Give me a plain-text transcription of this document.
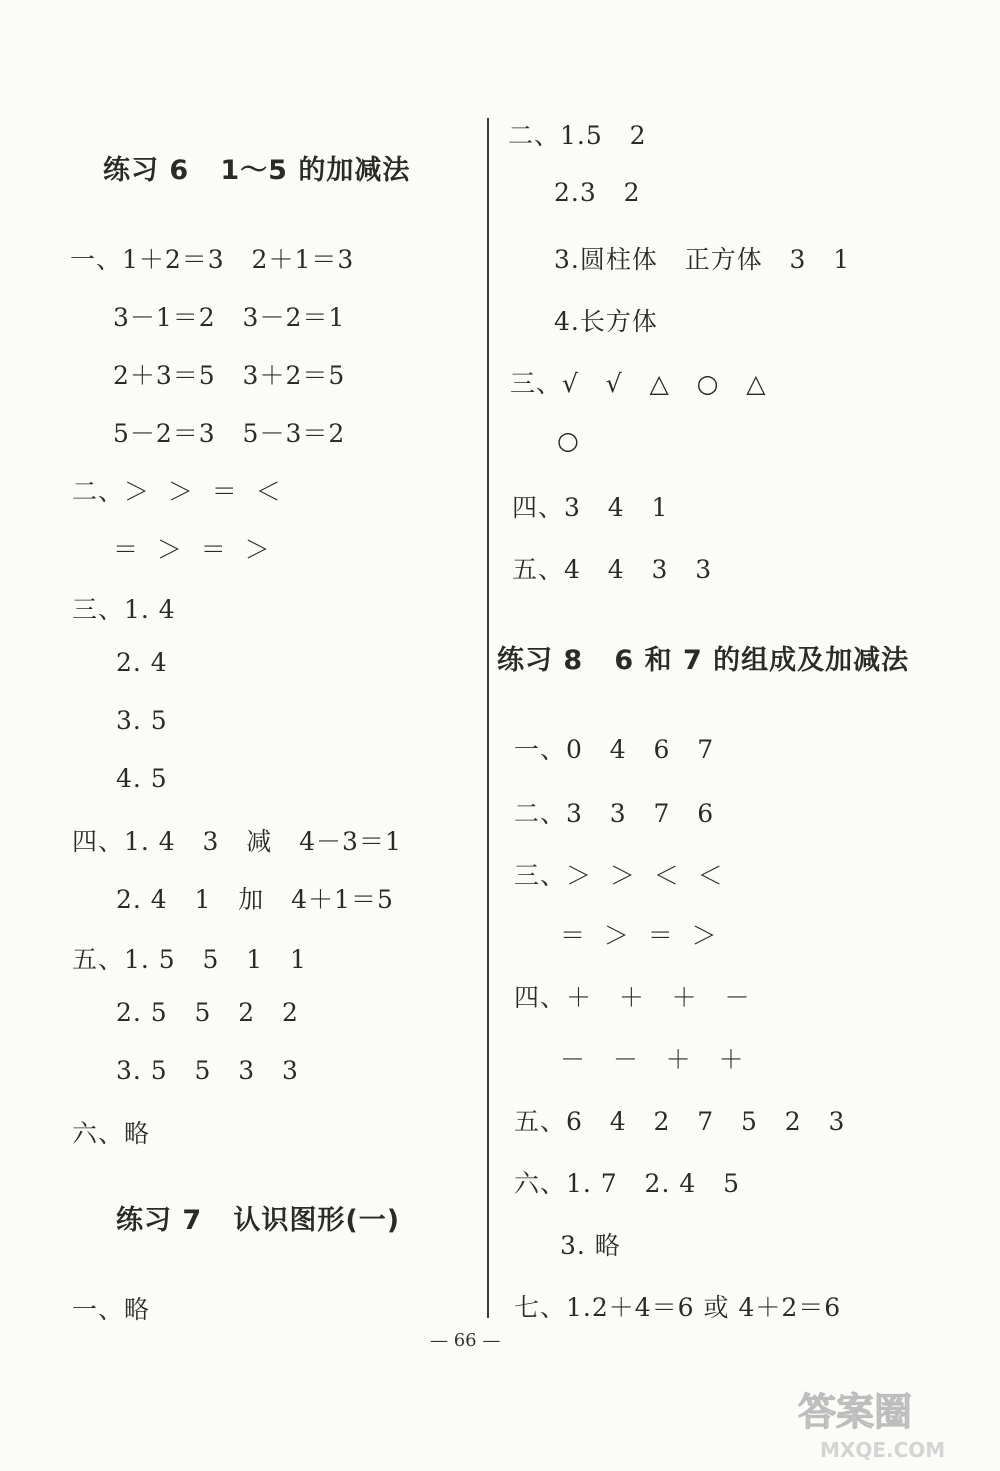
练习 6   1～5 的加减法
一、1＋2＝3   2＋1＝3
3－1＝2   3－2＝1
2＋3＝5   3＋2＝5
5－2＝3   5－3＝2
二、＞  ＞  ＝  ＜
＝  ＞  ＝  ＞
三、1. 4
2. 4
3. 5
4. 5
四、1. 4   3   减   4－3＝1
2. 4   1   加   4＋1＝5
五、1. 5   5   1   1
2. 5   5   2   2
3. 5   5   3   3
六、略
练习 7   认识图形(一)
一、略
二、1.5   2
2.3   2
3.圆柱体   正方体   3   1
4.长方体
三、√   √   △   ○   △
○
四、3   4   1
五、4   4   3   3
练习 8   6 和 7 的组成及加减法
一、0   4   6   7
二、3   3   7   6
三、＞  ＞  ＜  ＜
＝  ＞  ＝  ＞
四、＋   ＋   ＋   －
－   －   ＋   ＋
五、6   4   2   7   5   2   3
六、1. 7   2. 4   5
3. 略
七、1.2＋4＝6 或 4＋2＝6
— 66 —
答案圈
MXQE.COM
